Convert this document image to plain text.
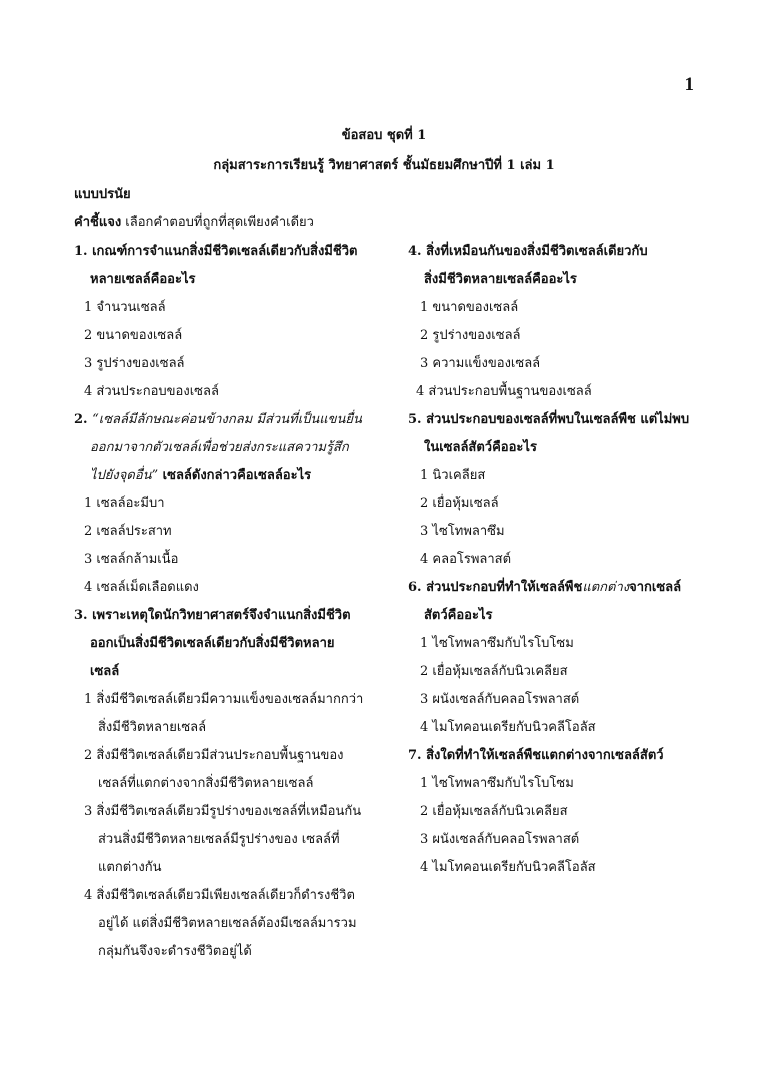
1
ข้อสอบ ชุดที่ 1
กลุ่มสาระการเรียนรู้ วิทยาศาสตร์ ชั้นมัธยมศึกษาปีที่ 1 เล่ม 1
แบบปรนัย
คำชี้แจง เลือกคำตอบที่ถูกที่สุดเพียงคำเดียว
1. เกณฑ์การจำแนกสิ่งมีชีวิตเซลล์เดียวกับสิ่งมีชีวิต
หลายเซลล์คืออะไร
1 จำนวนเซลล์
2 ขนาดของเซลล์
3 รูปร่างของเซลล์
4 ส่วนประกอบของเซลล์
2. “เซลล์มีลักษณะค่อนข้างกลม มีส่วนที่เป็นแขนยื่น
ออกมาจากตัวเซลล์เพื่อช่วยส่งกระแสความรู้สึก
ไปยังจุดอื่น” เซลล์ดังกล่าวคือเซลล์อะไร
1 เซลล์อะมีบา
2 เซลล์ประสาท
3 เซลล์กล้ามเนื้อ
4 เซลล์เม็ดเลือดแดง
3. เพราะเหตุใดนักวิทยาศาสตร์จึงจำแนกสิ่งมีชีวิต
ออกเป็นสิ่งมีชีวิตเซลล์เดียวกับสิ่งมีชีวิตหลาย
เซลล์
1 สิ่งมีชีวิตเซลล์เดียวมีความแข็งของเซลล์มากกว่า
สิ่งมีชีวิตหลายเซลล์
2 สิ่งมีชีวิตเซลล์เดียวมีส่วนประกอบพื้นฐานของ
เซลล์ที่แตกต่างจากสิ่งมีชีวิตหลายเซลล์
3 สิ่งมีชีวิตเซลล์เดียวมีรูปร่างของเซลล์ที่เหมือนกัน
ส่วนสิ่งมีชีวิตหลายเซลล์มีรูปร่างของ เซลล์ที่
แตกต่างกัน
4 สิ่งมีชีวิตเซลล์เดียวมีเพียงเซลล์เดียวก็ดำรงชีวิต
อยู่ได้ แต่สิ่งมีชีวิตหลายเซลล์ต้องมีเซลล์มารวม
กลุ่มกันจึงจะดำรงชีวิตอยู่ได้
4. สิ่งที่เหมือนกันของสิ่งมีชีวิตเซลล์เดียวกับ
สิ่งมีชีวิตหลายเซลล์คืออะไร
1 ขนาดของเซลล์
2 รูปร่างของเซลล์
3 ความแข็งของเซลล์
4 ส่วนประกอบพื้นฐานของเซลล์
5. ส่วนประกอบของเซลล์ที่พบในเซลล์พืช แต่ไม่พบ
ในเซลล์สัตว์คืออะไร
1 นิวเคลียส
2 เยื่อหุ้มเซลล์
3 ไซโทพลาซึม
4 คลอโรพลาสต์
6. ส่วนประกอบที่ทำให้เซลล์พืชแตกต่างจากเซลล์
สัตว์คืออะไร
1 ไซโทพลาซึมกับไรโบโซม
2 เยื่อหุ้มเซลล์กับนิวเคลียส
3 ผนังเซลล์กับคลอโรพลาสต์
4 ไมโทคอนเดรียกับนิวคลีโอลัส
7. สิ่งใดที่ทำให้เซลล์พืชแตกต่างจากเซลล์สัตว์
1 ไซโทพลาซึมกับไรโบโซม
2 เยื่อหุ้มเซลล์กับนิวเคลียส
3 ผนังเซลล์กับคลอโรพลาสต์
4 ไมโทคอนเดรียกับนิวคลีโอลัส
